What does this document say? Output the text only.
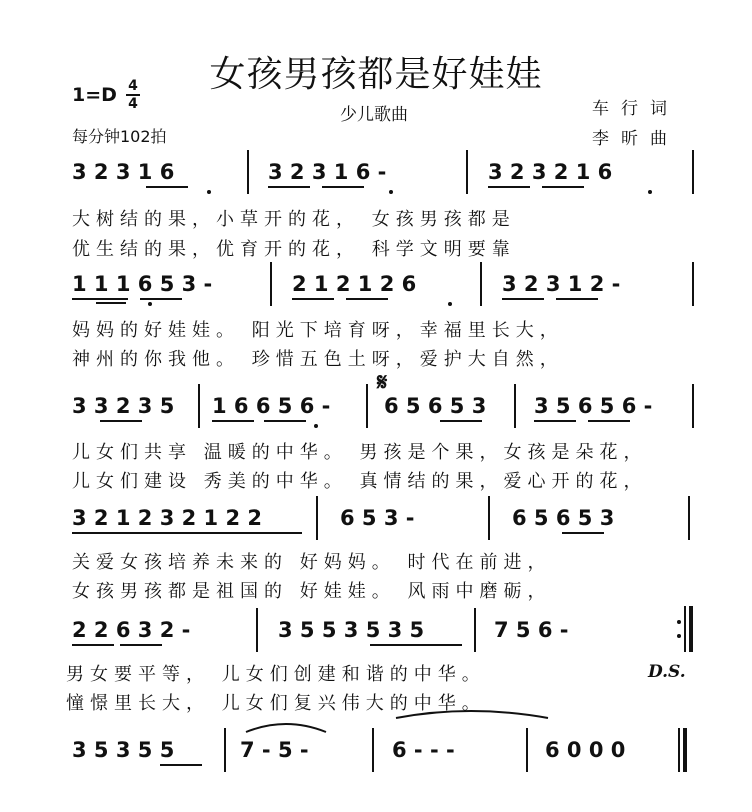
女孩男孩都是好娃娃
少儿歌曲	车行词
李昕曲
1=D 4
4
每分钟102拍
𝄋
D.S.
3 2 3 1 6	3 2 3 1 6 -	3 2 3 2 1 6
大树结的果，小草开的花， 女孩男孩都是
优生结的果，优育开的花， 科学文明要靠
1 1 1 6 5 3 -	2 1 2 1 2 6	3 2 3 1 2 -
妈妈的好娃娃。 阳光下培育呀，幸福里长大，
神州的你我他。 珍惜五色土呀，爱护大自然，
3 3 2 3 5 1 6 6 5 6 -	6 5 6 5 3 3 5 6 5 6 -
儿女们共享 温暖的中华。 男孩是个果，女孩是朵花，
儿女们建设 秀美的中华。 真情结的果，爱心开的花，
3 2 1 2 3 2 1 2 2	6 5 3 -	6 5 6 5 3
关爱女孩培养未来的 好妈妈。 时代在前进，
女孩男孩都是祖国的 好娃娃。 风雨中磨砺，
2 2 6 3 2 -	3 5 5 3 5 3 5	7 5 6 -
男女要平等， 儿女们创建和谐的中华。
憧憬里长大， 儿女们复兴伟大的中华。
3 5 3 5 5	7 - 5 -	6 - - -	6 0 0 0
